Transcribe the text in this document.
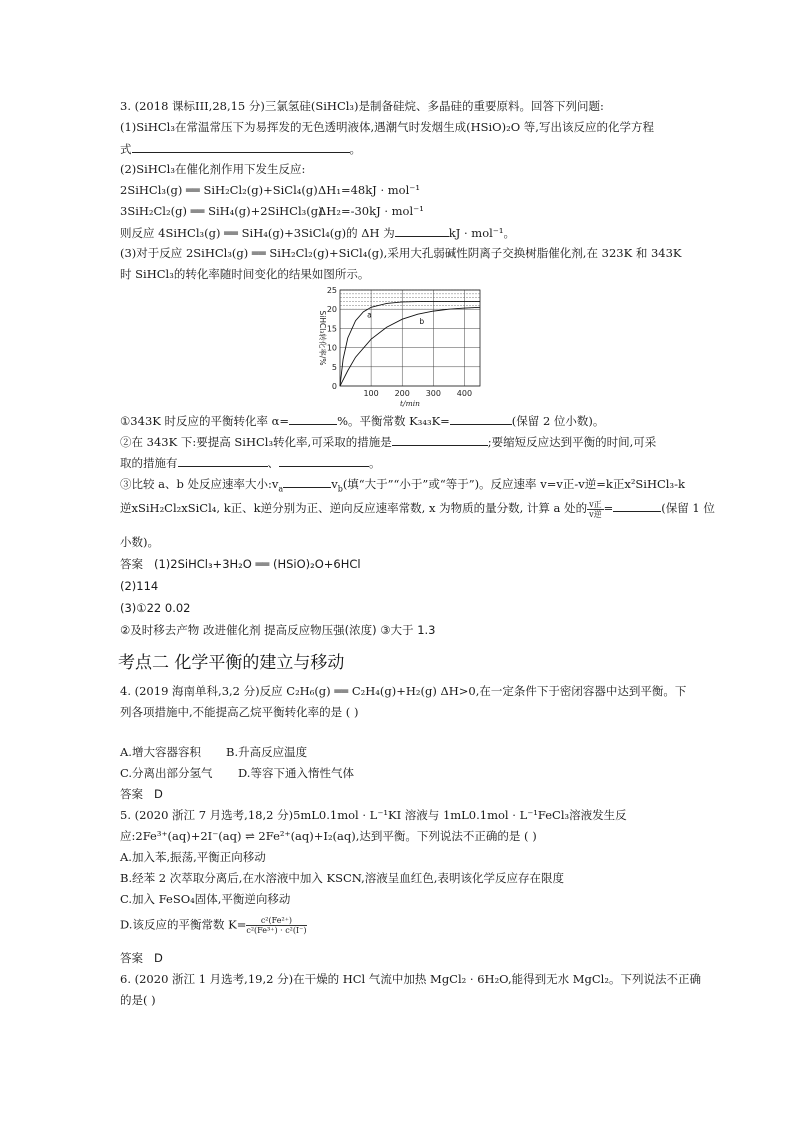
3. (2018 课标III,28,15 分)三氯氢硅(SiHCl₃)是制备硅烷、多晶硅的重要原料。回答下列问题:
(1)SiHCl₃在常温常压下为易挥发的无色透明液体,遇潮气时发烟生成(HSiO)₂O 等,写出该反应的化学方程
式	。
(2)SiHCl₃在催化剂作用下发生反应:
2SiHCl₃(g) ══ SiH₂Cl₂(g)+SiCl₄(g) ΔH₁=48kJ · mol⁻¹
3SiH₂Cl₂(g) ══ SiH₄(g)+2SiHCl₃(g)
ΔH₂=-30kJ · mol⁻¹
则反应 4SiHCl₃(g) ══ SiH₄(g)+3SiCl₄(g)的 ΔH 为	kJ · mol⁻¹。
(3)对于反应 2SiHCl₃(g) ══ SiH₂Cl₂(g)+SiCl₄(g),采用大孔弱碱性阴离子交换树脂催化剂,在 323K 和 343K
时 SiHCl₃的转化率随时间变化的结果如图所示。
0
5
10
15
20
25
100 200 300 400
t/min
SiHCl₃转化率/%	a
b
①343K 时反应的平衡转化率 α=	%。平衡常数 K₃₄₃K=	(保留 2 位小数)。
②在 343K 下:要提高 SiHCl₃转化率,可采取的措施是	;要缩短反应达到平衡的时间,可采
取的措施有	、	。
③比较 a、b 处反应速率大小$:v_a$	$v_b$(填“大于”“小于”或“等于”)。反应速率 v=v正-v逆=k正x²SiHCl₃-k
逆xSiH₂Cl₂xSiCl₄, k正、k逆分别为正、逆向反应速率常数, x 为物质的量分数, 计算 a 处的 $\frac{\text{v正}}{\text{v逆}}=$	(保留 1 位
小数)。
答案 (1)2SiHCl₃+3H₂O ══ (HSiO)₂O+6HCl
(2)114
(3)①22 0.02
②及时移去产物 改进催化剂 提高反应物压强(浓度) ③大于 1.3
考点二 化学平衡的建立与移动
4. (2019 海南单科,3,2 分)反应 C₂H₆(g) ══ C₂H₄(g)+H₂(g) ΔH>0,在一定条件下于密闭容器中达到平衡。下
列各项措施中,不能提高乙烷平衡转化率的是 ( )
A.增大容器容积 B.升高反应温度
C.分离出部分氢气 D.等容下通入惰性气体
答案 D
5. (2020 浙江 7 月选考,18,2 分)5mL0.1mol · L⁻¹KI 溶液与 1mL0.1mol · L⁻¹FeCl₃溶液发生反
应:2Fe³⁺(aq)+2I⁻(aq) ⇌ 2Fe²⁺(aq)+I₂(aq),达到平衡。下列说法不正确的是 ( )
A.加入苯,振荡,平衡正向移动
B.经苯 2 次萃取分离后,在水溶液中加入 KSCN,溶液呈血红色,表明该化学反应存在限度
C.加入 FeSO₄固体,平衡逆向移动
D.该反应的平衡常数 $K= \frac{\text{c²(Fe²⁺)}}{\text{c²(Fe³⁺) · c²(I⁻)}}$
答案 D
6. (2020 浙江 1 月选考,19,2 分)在干燥的 HCl 气流中加热 MgCl₂ · 6H₂O,能得到无水 MgCl₂。下列说法不正确
的是( )
